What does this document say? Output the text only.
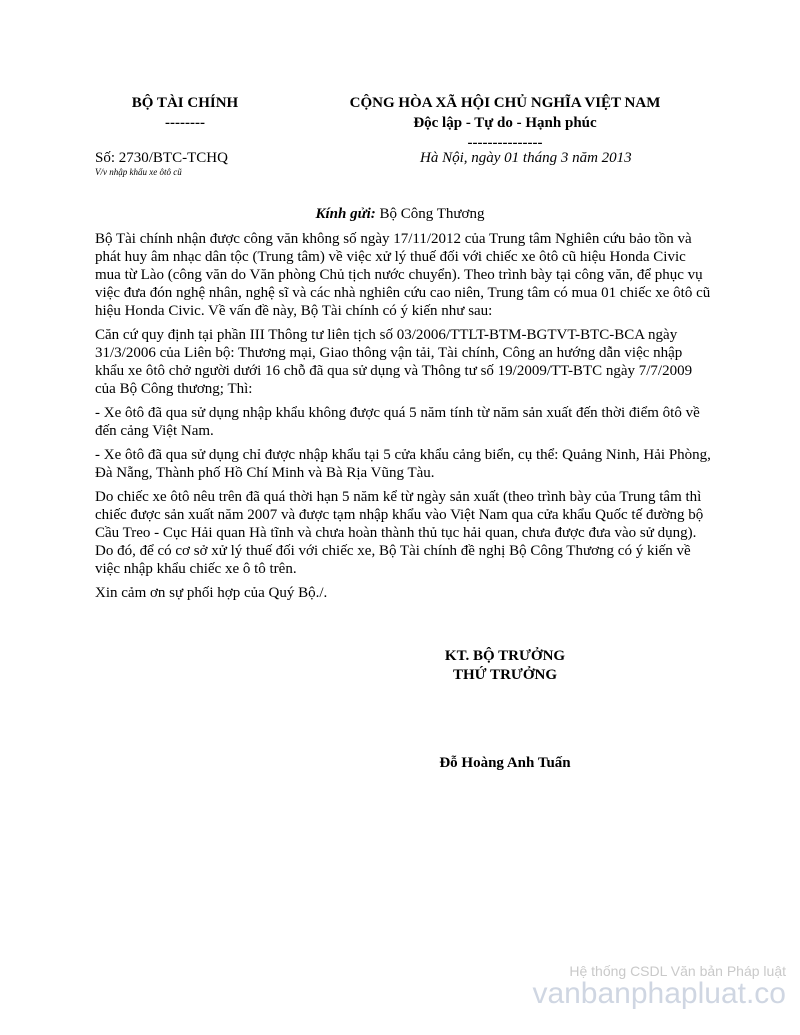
BỘ TÀI CHÍNH
--------
CỘNG HÒA XÃ HỘI CHỦ NGHĨA VIỆT NAM
Độc lập - Tự do - Hạnh phúc
---------------
Số: 2730/BTC-TCHQ
V/v nhập khẩu xe ôtô cũ
Hà Nội, ngày 01 tháng 3 năm 2013
Kính gửi: Bộ Công Thương

Bộ Tài chính nhận được công văn không số ngày 17/11/2012 của Trung tâm Nghiên cứu bảo tồn và phát huy âm nhạc dân tộc (Trung tâm) về việc xử lý thuế đối với chiếc xe ôtô cũ hiệu Honda Civic mua từ Lào (công văn do Văn phòng Chủ tịch nước chuyển). Theo trình bày tại công văn, để phục vụ việc đưa đón nghệ nhân, nghệ sĩ và các nhà nghiên cứu cao niên, Trung tâm có mua 01 chiếc xe ôtô cũ hiệu Honda Civic. Về vấn đề này, Bộ Tài chính có ý kiến như sau:

Căn cứ quy định tại phần III Thông tư liên tịch số 03/2006/TTLT-BTM-BGTVT-BTC-BCA ngày 31/3/2006 của Liên bộ: Thương mại, Giao thông vận tải, Tài chính, Công an hướng dẫn việc nhập khẩu xe ôtô chở người dưới 16 chỗ đã qua sử dụng và Thông tư số 19/2009/TT-BTC ngày 7/7/2009 của Bộ Công thương; Thì:

- Xe ôtô đã qua sử dụng nhập khẩu không được quá 5 năm tính từ năm sản xuất đến thời điểm ôtô về đến cảng Việt Nam.

- Xe ôtô đã qua sử dụng chỉ được nhập khẩu tại 5 cửa khẩu cảng biển, cụ thể: Quảng Ninh, Hải Phòng, Đà Nẵng, Thành phố Hồ Chí Minh và Bà Rịa Vũng Tàu.

Do chiếc xe ôtô nêu trên đã quá thời hạn 5 năm kể từ ngày sản xuất (theo trình bày của Trung tâm thì chiếc được sản xuất năm 2007 và được tạm nhập khẩu vào Việt Nam qua cửa khẩu Quốc tế đường bộ Cầu Treo - Cục Hải quan Hà tĩnh và chưa hoàn thành thủ tục hải quan, chưa được đưa vào sử dụng). Do đó, để có cơ sở xử lý thuế đối với chiếc xe, Bộ Tài chính đề nghị Bộ Công Thương có ý kiến về việc nhập khẩu chiếc xe ô tô trên.

Xin cảm ơn sự phối hợp của Quý Bộ./.

KT. BỘ TRƯỞNG
THỨ TRƯỞNG
Đỗ Hoàng Anh Tuấn
Hệ thống CSDL Văn bản Pháp luật
vanbanphapluat.co
